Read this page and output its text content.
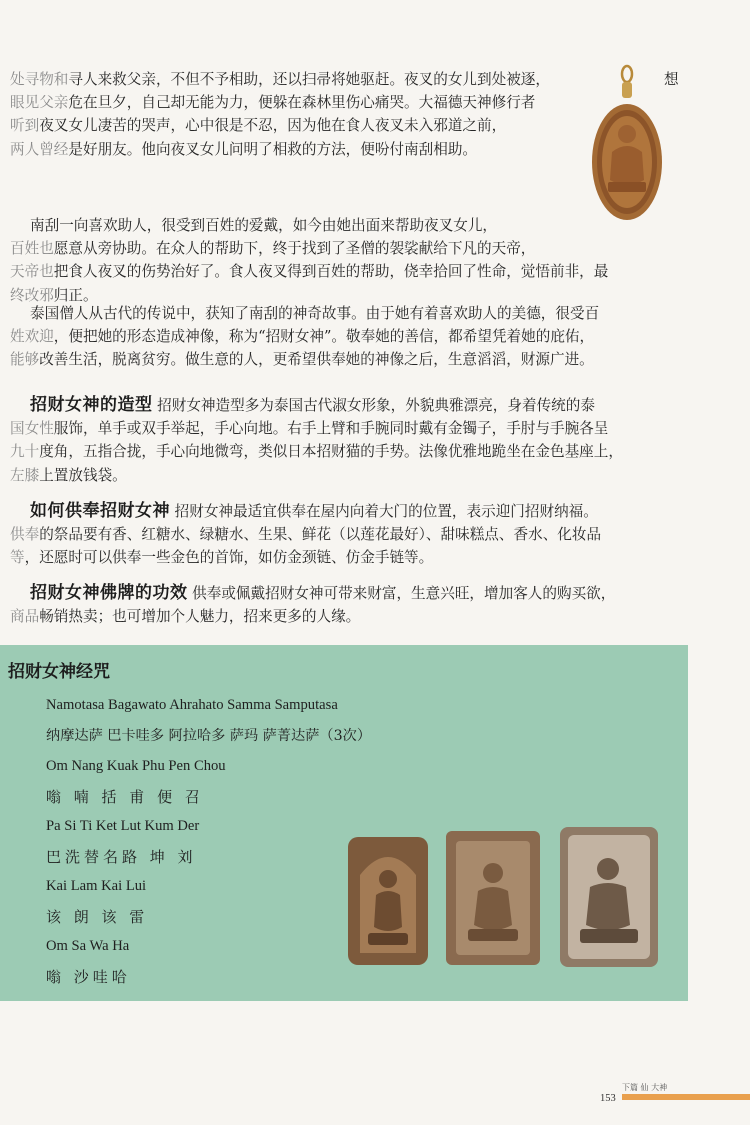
处寻物和寻人来救父亲，不但不予相助，还以扫帚将她驱赶。夜叉的女儿到处被逐，

眼见父亲危在旦夕，自己却无能为力，便躲在森林里伤心痛哭。大福德天神修行者

听到夜叉女儿凄苦的哭声，心中很是不忍，因为他在食人夜叉未入邪道之前，

两人曾经是好朋友。他向夜叉女儿问明了相救的方法，便吩付南刮相助。

想

南刮一向喜欢助人，很受到百姓的爱戴，如今由她出面来帮助夜叉女儿，

百姓也愿意从旁协助。在众人的帮助下，终于找到了圣僧的袈裟献给下凡的天帝，

天帝也把食人夜叉的伤势治好了。食人夜叉得到百姓的帮助，侥幸拾回了性命，觉悟前非，最

终改邪归正。

泰国僧人从古代的传说中，获知了南刮的神奇故事。由于她有着喜欢助人的美德，很受百

姓欢迎，便把她的形态造成神像，称为“招财女神”。敬奉她的善信，都希望凭着她的庇佑，

能够改善生活，脱离贫穷。做生意的人，更希望供奉她的神像之后，生意滔滔，财源广进。

招财女神的造型 招财女神造型多为泰国古代淑女形象，外貌典雅漂亮，身着传统的泰

国女性服饰，单手或双手举起，手心向地。右手上臂和手腕同时戴有金镯子，手肘与手腕各呈

九十度角，五指合拢，手心向地微弯，类似日本招财猫的手势。法像优雅地跪坐在金色基座上，

左膝上置放钱袋。

如何供奉招财女神 招财女神最适宜供奉在屋内向着大门的位置，表示迎门招财纳福。

供奉的祭品要有香、红糖水、绿糖水、生果、鲜花（以莲花最好）、甜味糕点、香水、化妆品

等，还愿时可以供奉一些金色的首饰，如仿金颈链、仿金手链等。

招财女神佛牌的功效 供奉或佩戴招财女神可带来财富，生意兴旺，增加客人的购买欲，

商品畅销热卖；也可增加个人魅力，招来更多的人缘。

招财女神经咒
Namotasa Bagawato Ahrahato Samma Samputasa
纳摩达萨 巴卡哇多 阿拉哈多 萨玛 萨菁达萨（3次）
Om Nang Kuak Phu Pen Chou
嗡 喃 括 甫 便 召
Pa Si Ti Ket Lut Kum Der
巴洗替名路 坤 刘
Kai Lam Kai Lui
该 朗 该 雷
Om Sa Wa Ha
嗡 沙哇哈
下篇 仙 大神
153
